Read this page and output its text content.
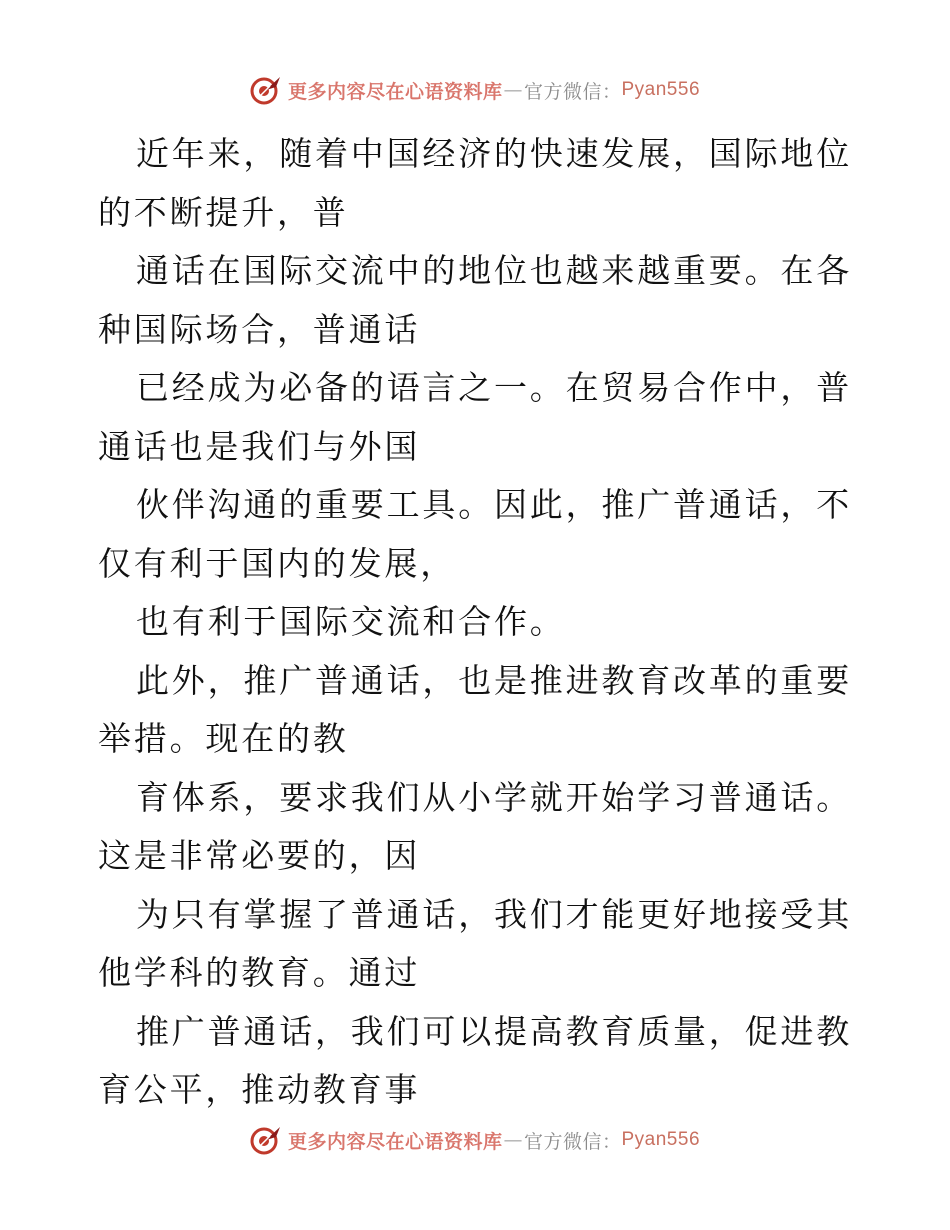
更多内容尽在心语资料库 — 官方微信： Pyan556

近年来，随着中国经济的快速发展，国际地位的不断提升，普

通话在国际交流中的地位也越来越重要。在各种国际场合，普通话

已经成为必备的语言之一。在贸易合作中，普通话也是我们与外国

伙伴沟通的重要工具。因此，推广普通话，不仅有利于国内的发展，

也有利于国际交流和合作。

此外，推广普通话，也是推进教育改革的重要举措。现在的教

育体系，要求我们从小学就开始学习普通话。这是非常必要的，因

为只有掌握了普通话，我们才能更好地接受其他学科的教育。通过

推广普通话，我们可以提高教育质量，促进教育公平，推动教育事

更多内容尽在心语资料库 — 官方微信： Pyan556
